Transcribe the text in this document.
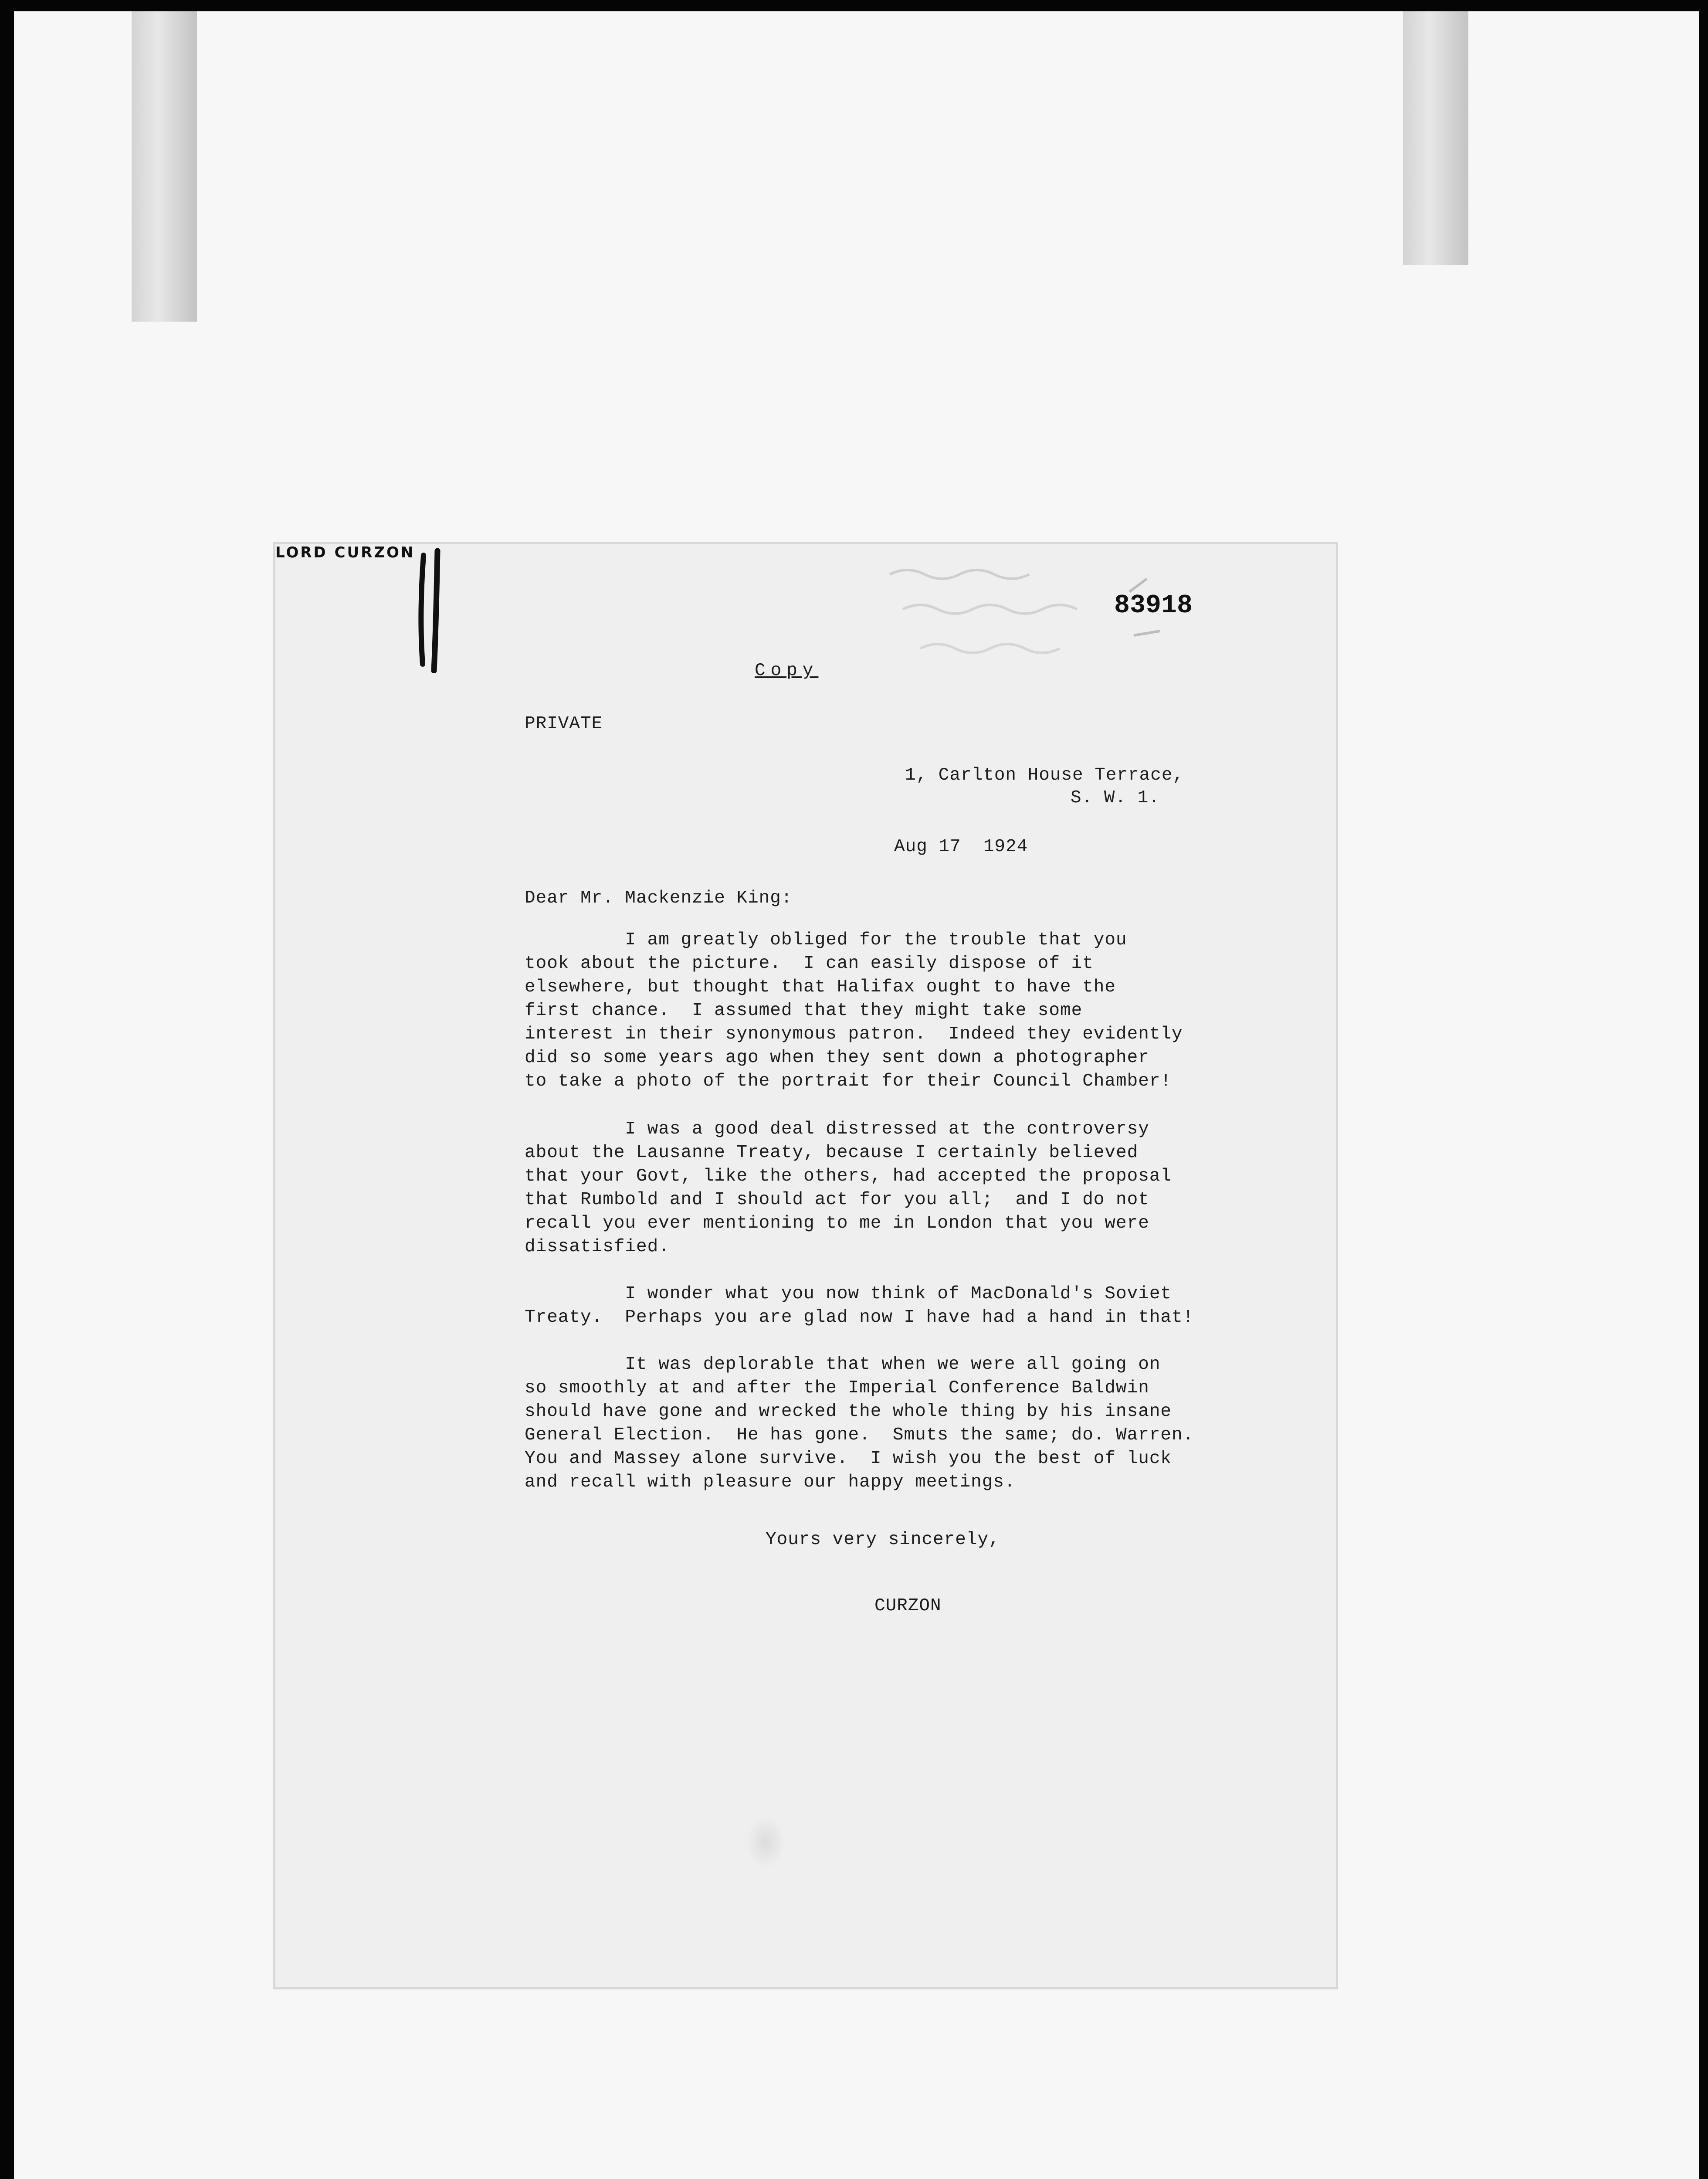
83918
Copy
PRIVATE
1, Carlton House Terrace,
S. W. 1.
Aug 17  1924
Dear Mr. Mackenzie King:
I am greatly obliged for the trouble that you
took about the picture.  I can easily dispose of it
elsewhere, but thought that Halifax ought to have the
first chance.  I assumed that they might take some
interest in their synonymous patron.  Indeed they evidently
did so some years ago when they sent down a photographer
to take a photo of the portrait for their Council Chamber!
I was a good deal distressed at the controversy
about the Lausanne Treaty, because I certainly believed
that your Govt, like the others, had accepted the proposal
that Rumbold and I should act for you all;  and I do not
recall you ever mentioning to me in London that you were
dissatisfied.
I wonder what you now think of MacDonald's Soviet
Treaty.  Perhaps you are glad now I have had a hand in that!
It was deplorable that when we were all going on
so smoothly at and after the Imperial Conference Baldwin
should have gone and wrecked the whole thing by his insane
General Election.  He has gone.  Smuts the same; do. Warren.
You and Massey alone survive.  I wish you the best of luck
and recall with pleasure our happy meetings.
Yours very sincerely,
CURZON
LORD CURZON
